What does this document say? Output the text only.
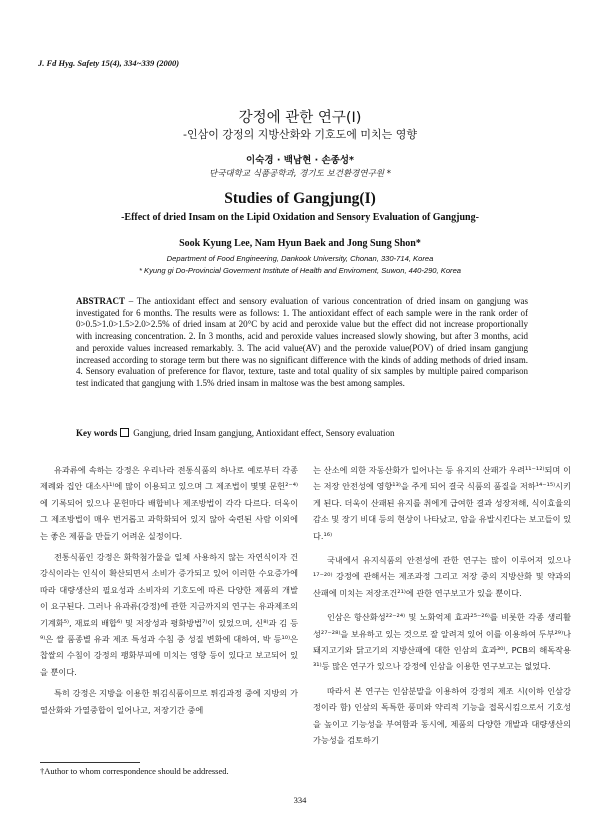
J. Fd Hyg. Safety 15(4), 334~339 (2000)
강정에 관한 연구(I)
-인삼이 강정의 지방산화와 기호도에 미치는 영향
이숙경 · 백남현 · 손종성*
단국대학교 식품공학과, 경기도 보건환경연구원 *
Studies of Gangjung(I)
-Effect of dried Insam on the Lipid Oxidation and Sensory Evaluation of Gangjung-
Sook Kyung Lee, Nam Hyun Baek and Jong Sung Shon*
Department of Food Engineering, Dankook University, Chonan, 330-714, Korea
* Kyung gi Do-Provincial Goverment Institute of Health and Enviroment, Suwon, 440-290, Korea
ABSTRACT – The antioxidant effect and sensory evaluation of various concentration of dried insam on gangjung was investigated for 6 months. The results were as follows: 1. The antioxidant effect of each sample were in the rank order of 0>0.5>1.0>1.5>2.0>2.5% of dried insam at 20°C by acid and peroxide value but the effect did not increase proportionally with increasing concentration. 2. In 3 months, acid and peroxide values increased slowly showing, but after 3 months, acid and peroxide values increased remarkably. 3. The acid value(AV) and the peroxide value(POV) of dried insam gangjung increased according to storage term but there was no significant difference with the kinds of adding methods of dried insam. 4. Sensory evaluation of preference for flavor, texture, taste and total quality of six samples by multiple paired comparison test indicated that gangjung with 1.5% dried insam in maltose was the best among samples.
Key words Gangjung, dried Insam gangjung, Antioxidant effect, Sensory evaluation

유과류에 속하는 강정은 우리나라 전통식품의 하나로 예로부터 각종 제례와 집안 대소사¹⁾에 많이 이용되고 있으며 그 제조법이 몇몇 문헌²⁻⁴⁾에 기록되어 있으나 문헌마다 배합비나 제조방법이 각각 다르다. 더욱이 그 제조방법이 매우 번거롭고 과학화되어 있지 않아 숙련된 사람 이외에는 좋은 제품을 만들기 어려운 실정이다.

전통식품인 강정은 화학첨가물을 일체 사용하지 않는 자연식이자 건강식이라는 인식이 확산되면서 소비가 증가되고 있어 이러한 수요증가에 따라 대량생산의 필요성과 소비자의 기호도에 따른 다양한 제품의 개발이 요구된다. 그러나 유과류(강정)에 관한 지금까지의 연구는 유과제조의 기계화⁵⁾, 재료의 배합⁶⁾ 및 저장성과 평화방법⁷⁾이 있었으며, 신⁸⁾과 김 등⁹⁾은 쌀 품종별 유과 제조 특성과 수침 중 성질 변화에 대하여, 박 등¹⁰⁾은 찹쌀의 수침이 강정의 팽화부피에 미치는 영향 등이 있다고 보고되어 있을 뿐이다.

특히 강정은 지방을 이용한 튀김식품이므로 튀김과정 중에 지방의 가열산화와 가열중합이 일어나고, 저장기간 중에

는 산소에 의한 자동산화가 일어나는 등 유지의 산패가 우려¹¹⁻¹²⁾되며 이는 저장 안전성에 영향¹³⁾을 주게 되어 결국 식품의 품질을 저하¹⁴⁻¹⁵⁾시키게 된다. 더욱이 산패된 유지를 취에게 급여한 결과 성장저해, 식이효율의 감소 및 장기 비대 등의 현상이 나타났고, 암을 유발시킨다는 보고들이 있다.¹⁶⁾

국내에서 유지식품의 안전성에 관한 연구는 많이 이루어져 있으나¹⁷⁻²⁰⁾ 강정에 관해서는 제조과정 그리고 저장 중의 지방산화 및 약과의 산패에 미치는 저장조건²¹⁾에 관한 연구보고가 있을 뿐이다.

인삼은 항산화성²²⁻²⁴⁾ 및 노화억제 효과²⁵⁻²⁶⁾를 비롯한 각종 생리활성²⁷⁻²⁸⁾을 보유하고 있는 것으로 잘 알려져 있어 이를 이용하여 두부²⁹⁾나 돼지고기와 닭고기의 지방산패에 대한 인삼의 효과³⁰⁾, PCB의 해독작용³¹⁾등 많은 연구가 있으나 강정에 인삼을 이용한 연구보고는 없었다.

따라서 본 연구는 인삼분말을 이용하여 강정의 제조 시(이하 인삼강정이라 함) 인삼의 독특한 풍미와 약리적 기능을 접목시킴으로서 기호성을 높이고 기능성을 부여함과 동시에, 제품의 다양한 개발과 대량생산의 가능성을 검토하기

†Author to whom correspondence should be addressed.
334
